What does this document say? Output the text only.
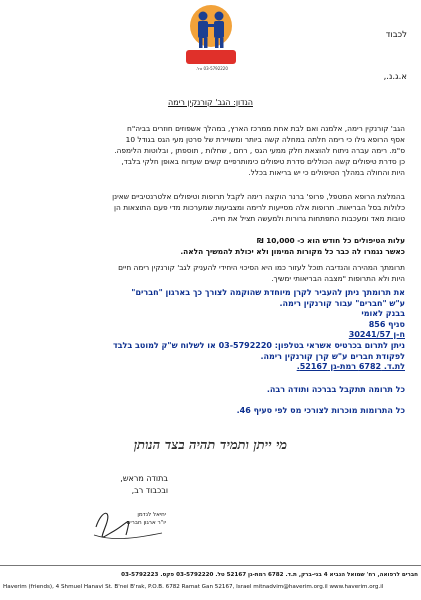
03-5792220 טל.
לכבוד
א.ג.נ.,
הנדון: הגב' קורנקין רימה
הגב' קורנקין רימה, אלמנה ואם לבת אחת ממרכז הארץ, במהלך אשפוזים חוזרים בביה"ח
אסף הרופא גילו כי רימה חלתה במחלה קשה ביותר ומשויירת של סרטן מעי הגס בגודל 10
ס"מ. רימה עברה ניתוח להוצאת חלק ממעי הגס , רחם , שחלות , תוספתן , ובלוטות הלימפה.
כן סדרת טיפולים קשה הכוללים סדרת טיפולים כימותרפיים קשים שעדוח באופן חלקי בלבד,
היות והחולה במהלך הטיפולים כי יש בריאות בכלל.
בהמלצת הרופא המטפל, פרופ' ברנר הוקצה רימה לקבל תרופות וטיפולים אלטרנטיביים שאינן
כלולות בסל הבריאות. תרופות אלה מסייעות לרימה ומצביעות שמערכות מדי פעם התוצאות הן
טובות מאד ומעכבות התפתחות גרורות ולמעשה תציל את חייה.
עלות הטיפולים כל חודש הוא כ- 10,000 ₪
כאשר נגמרו לה כבר כל מקורות המימון ולא יכולת להמשיך הלאה.
תרומתך המהירה והנדיבה תוכל לעזור כמו היא הסיכוי היחידי להעניק לגב' קורנקין רימה חיים
היות ולא התרופות "מצבה הבריאותי ימשיך.
את תרומתך ניתן להעביר לקרן מיוחדת שהוקמה לצורך כך בארגון "חברים"
ע"ש "חברים" עבור קורנקין רימה.
בבנק לאומי
סניף 856
ח-ן 30241/57
ניתן לתרום בכרטיס אשראי בטלפון: 03-5792220 או לשלוח ש"ק למוטב בלבד
לפקודת חברים ע"ש קרן קורנקין רימה.
לת.ד. 6782 רמת-גן 52167.
כל תרומה תתקבל בברכה ותודה רבה.
כל התרומות מוכרות לצורכי מס לפי סעיף 46.
מי ייתן ותמיד תהיה בצד הנותן
בתודה מראש,
ובכבוד רב,
יחיאל לנדמן
יו"ר ארגון חברים
חברים לרפואה, רח' שמואל הנביא 4 בני-ברק, ת.ד. 6782 רמת-גן 52167 טל. 03-5792220 פקס. 03-5792223
Haverim (friends), 4 Shmuel Hanavi St. B'nei B'rak, P.O.B. 6782 Ramat Gan 52167, Israel mitnadvim@haverim.org.il www.haverim.org.il
